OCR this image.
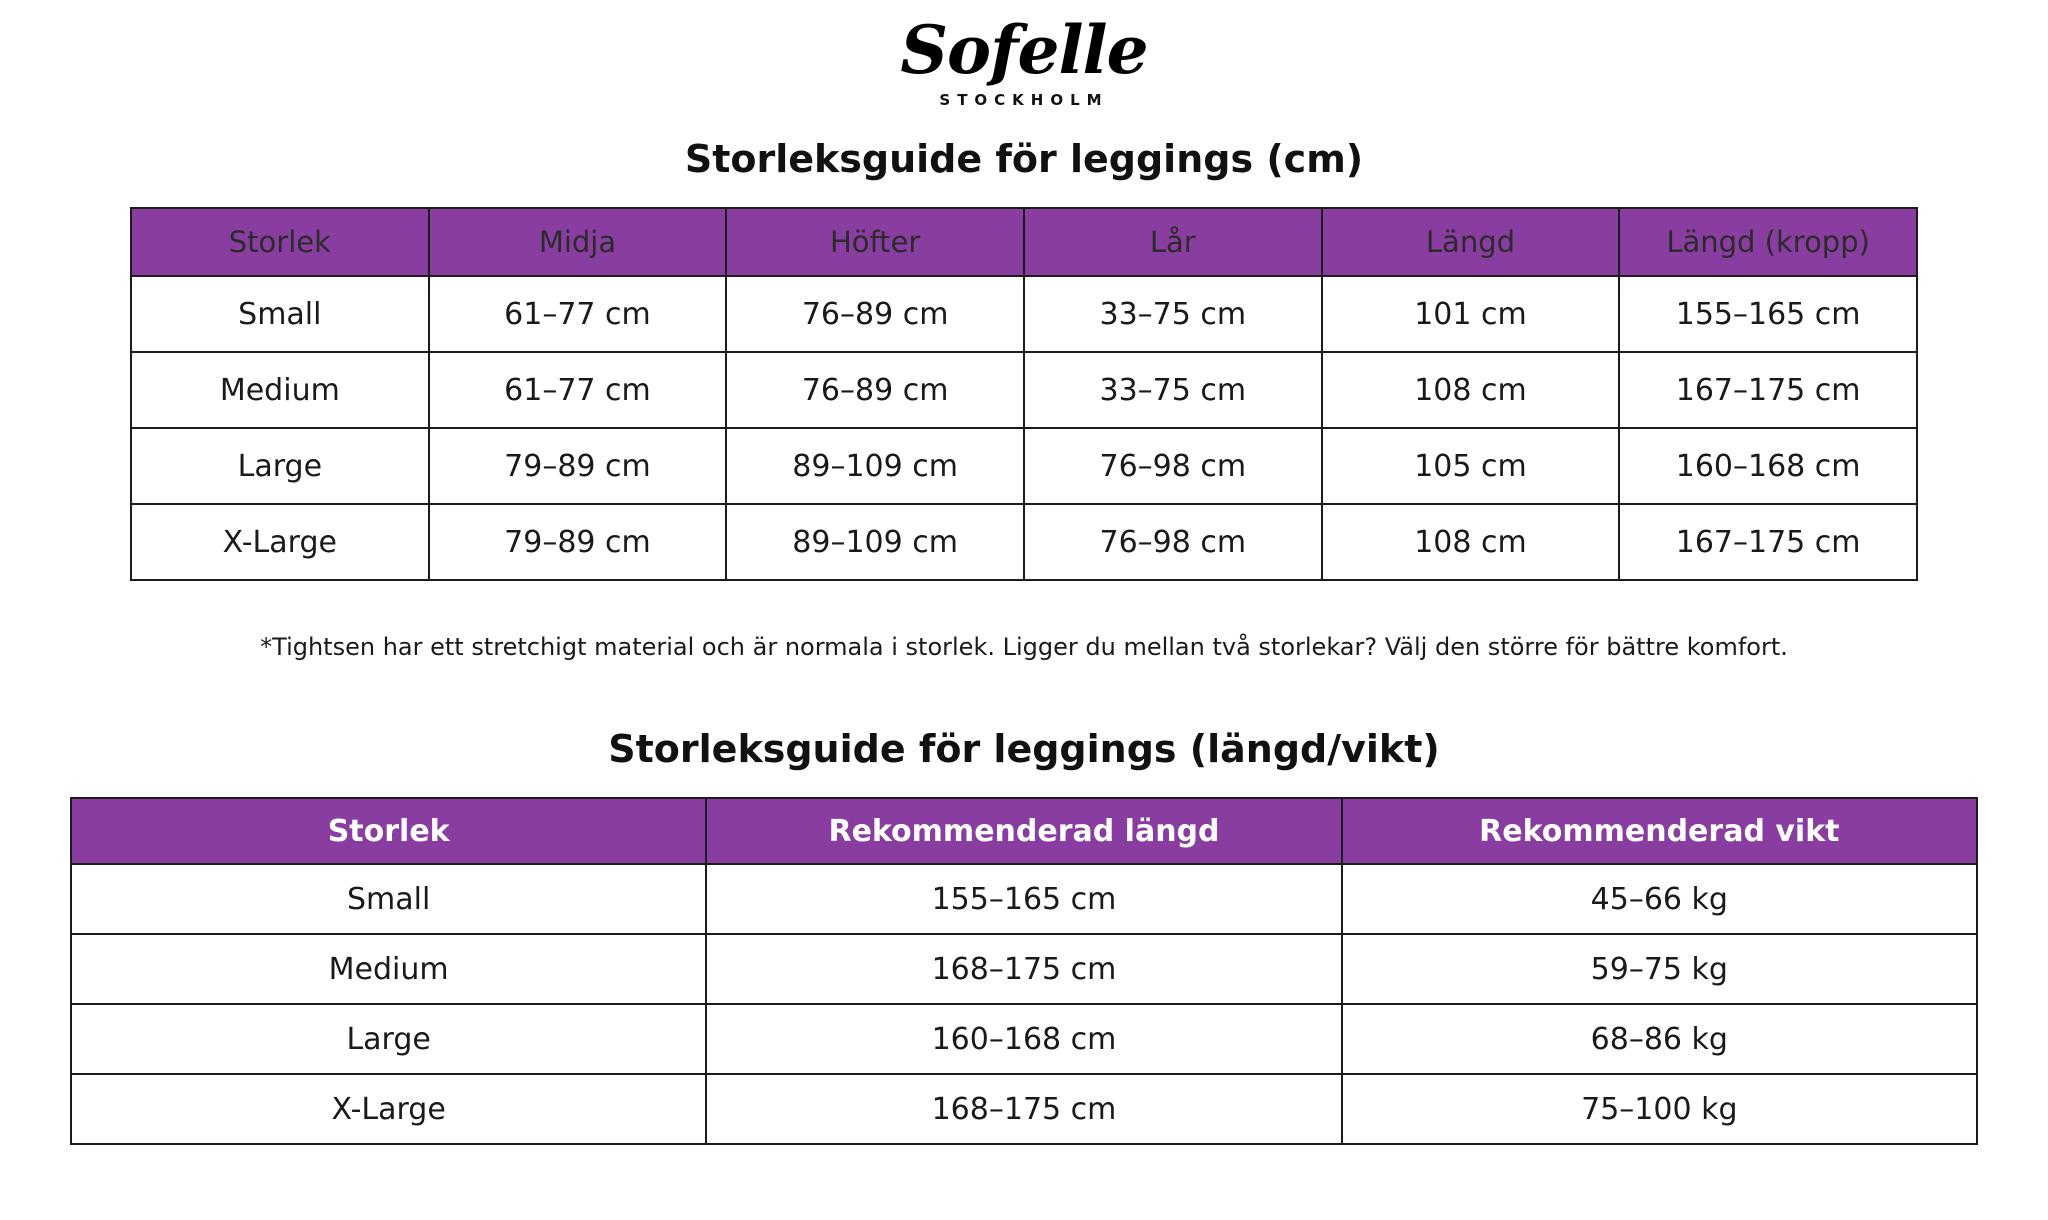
Sofelle
STOCKHOLM
Storleksguide för leggings (cm)
Storlek	Midja	Höfter	Lår	Längd	Längd (kropp)
Small	61–77 cm	76–89 cm	33–75 cm	101 cm	155–165 cm
Medium	61–77 cm	76–89 cm	33–75 cm	108 cm	167–175 cm
Large	79–89 cm	89–109 cm	76–98 cm	105 cm	160–168 cm
X-Large	79–89 cm	89–109 cm	76–98 cm	108 cm	167–175 cm
*Tightsen har ett stretchigt material och är normala i storlek. Ligger du mellan två storlekar? Välj den större för bättre komfort.
Storleksguide för leggings (längd/vikt)
Storlek	Rekommenderad längd	Rekommenderad vikt
Small	155–165 cm	45–66 kg
Medium	168–175 cm	59–75 kg
Large	160–168 cm	68–86 kg
X-Large	168–175 cm	75–100 kg
